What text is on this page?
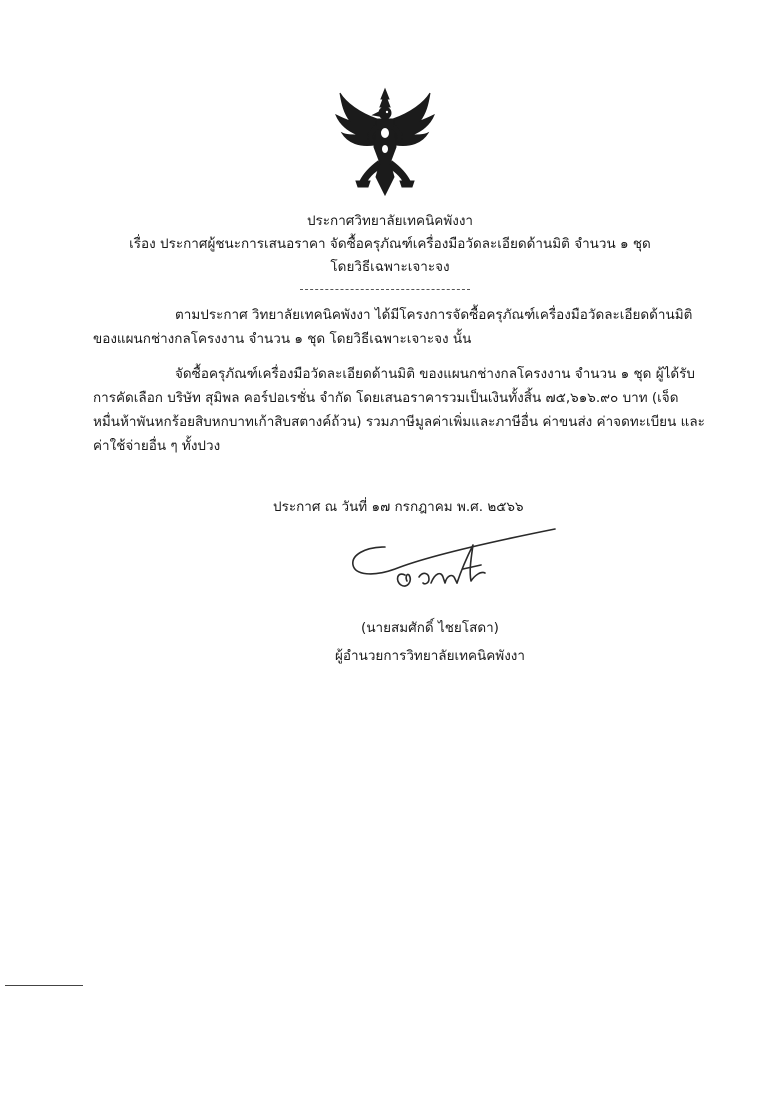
ประกาศวิทยาลัยเทคนิคพังงา
เรื่อง ประกาศผู้ชนะการเสนอราคา จัดซื้อครุภัณฑ์เครื่องมือวัดละเอียดด้านมิติ จำนวน ๑ ชุด
โดยวิธีเฉพาะเจาะจง
ตามประกาศ วิทยาลัยเทคนิคพังงา ได้มีโครงการจัดซื้อครุภัณฑ์เครื่องมือวัดละเอียดด้านมิติ
ของแผนกช่างกลโครงงาน จำนวน ๑ ชุด โดยวิธีเฉพาะเจาะจง นั้น
จัดซื้อครุภัณฑ์เครื่องมือวัดละเอียดด้านมิติ ของแผนกช่างกลโครงงาน จำนวน ๑ ชุด ผู้ได้รับ
การคัดเลือก บริษัท สุมิพล คอร์ปอเรชั่น จำกัด โดยเสนอราคารวมเป็นเงินทั้งสิ้น ๗๕,๖๑๖.๙๐ บาท (เจ็ด
หมื่นห้าพันหกร้อยสิบหกบาทเก้าสิบสตางค์ถ้วน) รวมภาษีมูลค่าเพิ่มและภาษีอื่น ค่าขนส่ง ค่าจดทะเบียน และ
ค่าใช้จ่ายอื่น ๆ ทั้งปวง
ประกาศ ณ วันที่ ๑๗ กรกฎาคม พ.ศ. ๒๕๖๖
(นายสมศักดิ์ ไชยโสดา)
ผู้อำนวยการวิทยาลัยเทคนิคพังงา
